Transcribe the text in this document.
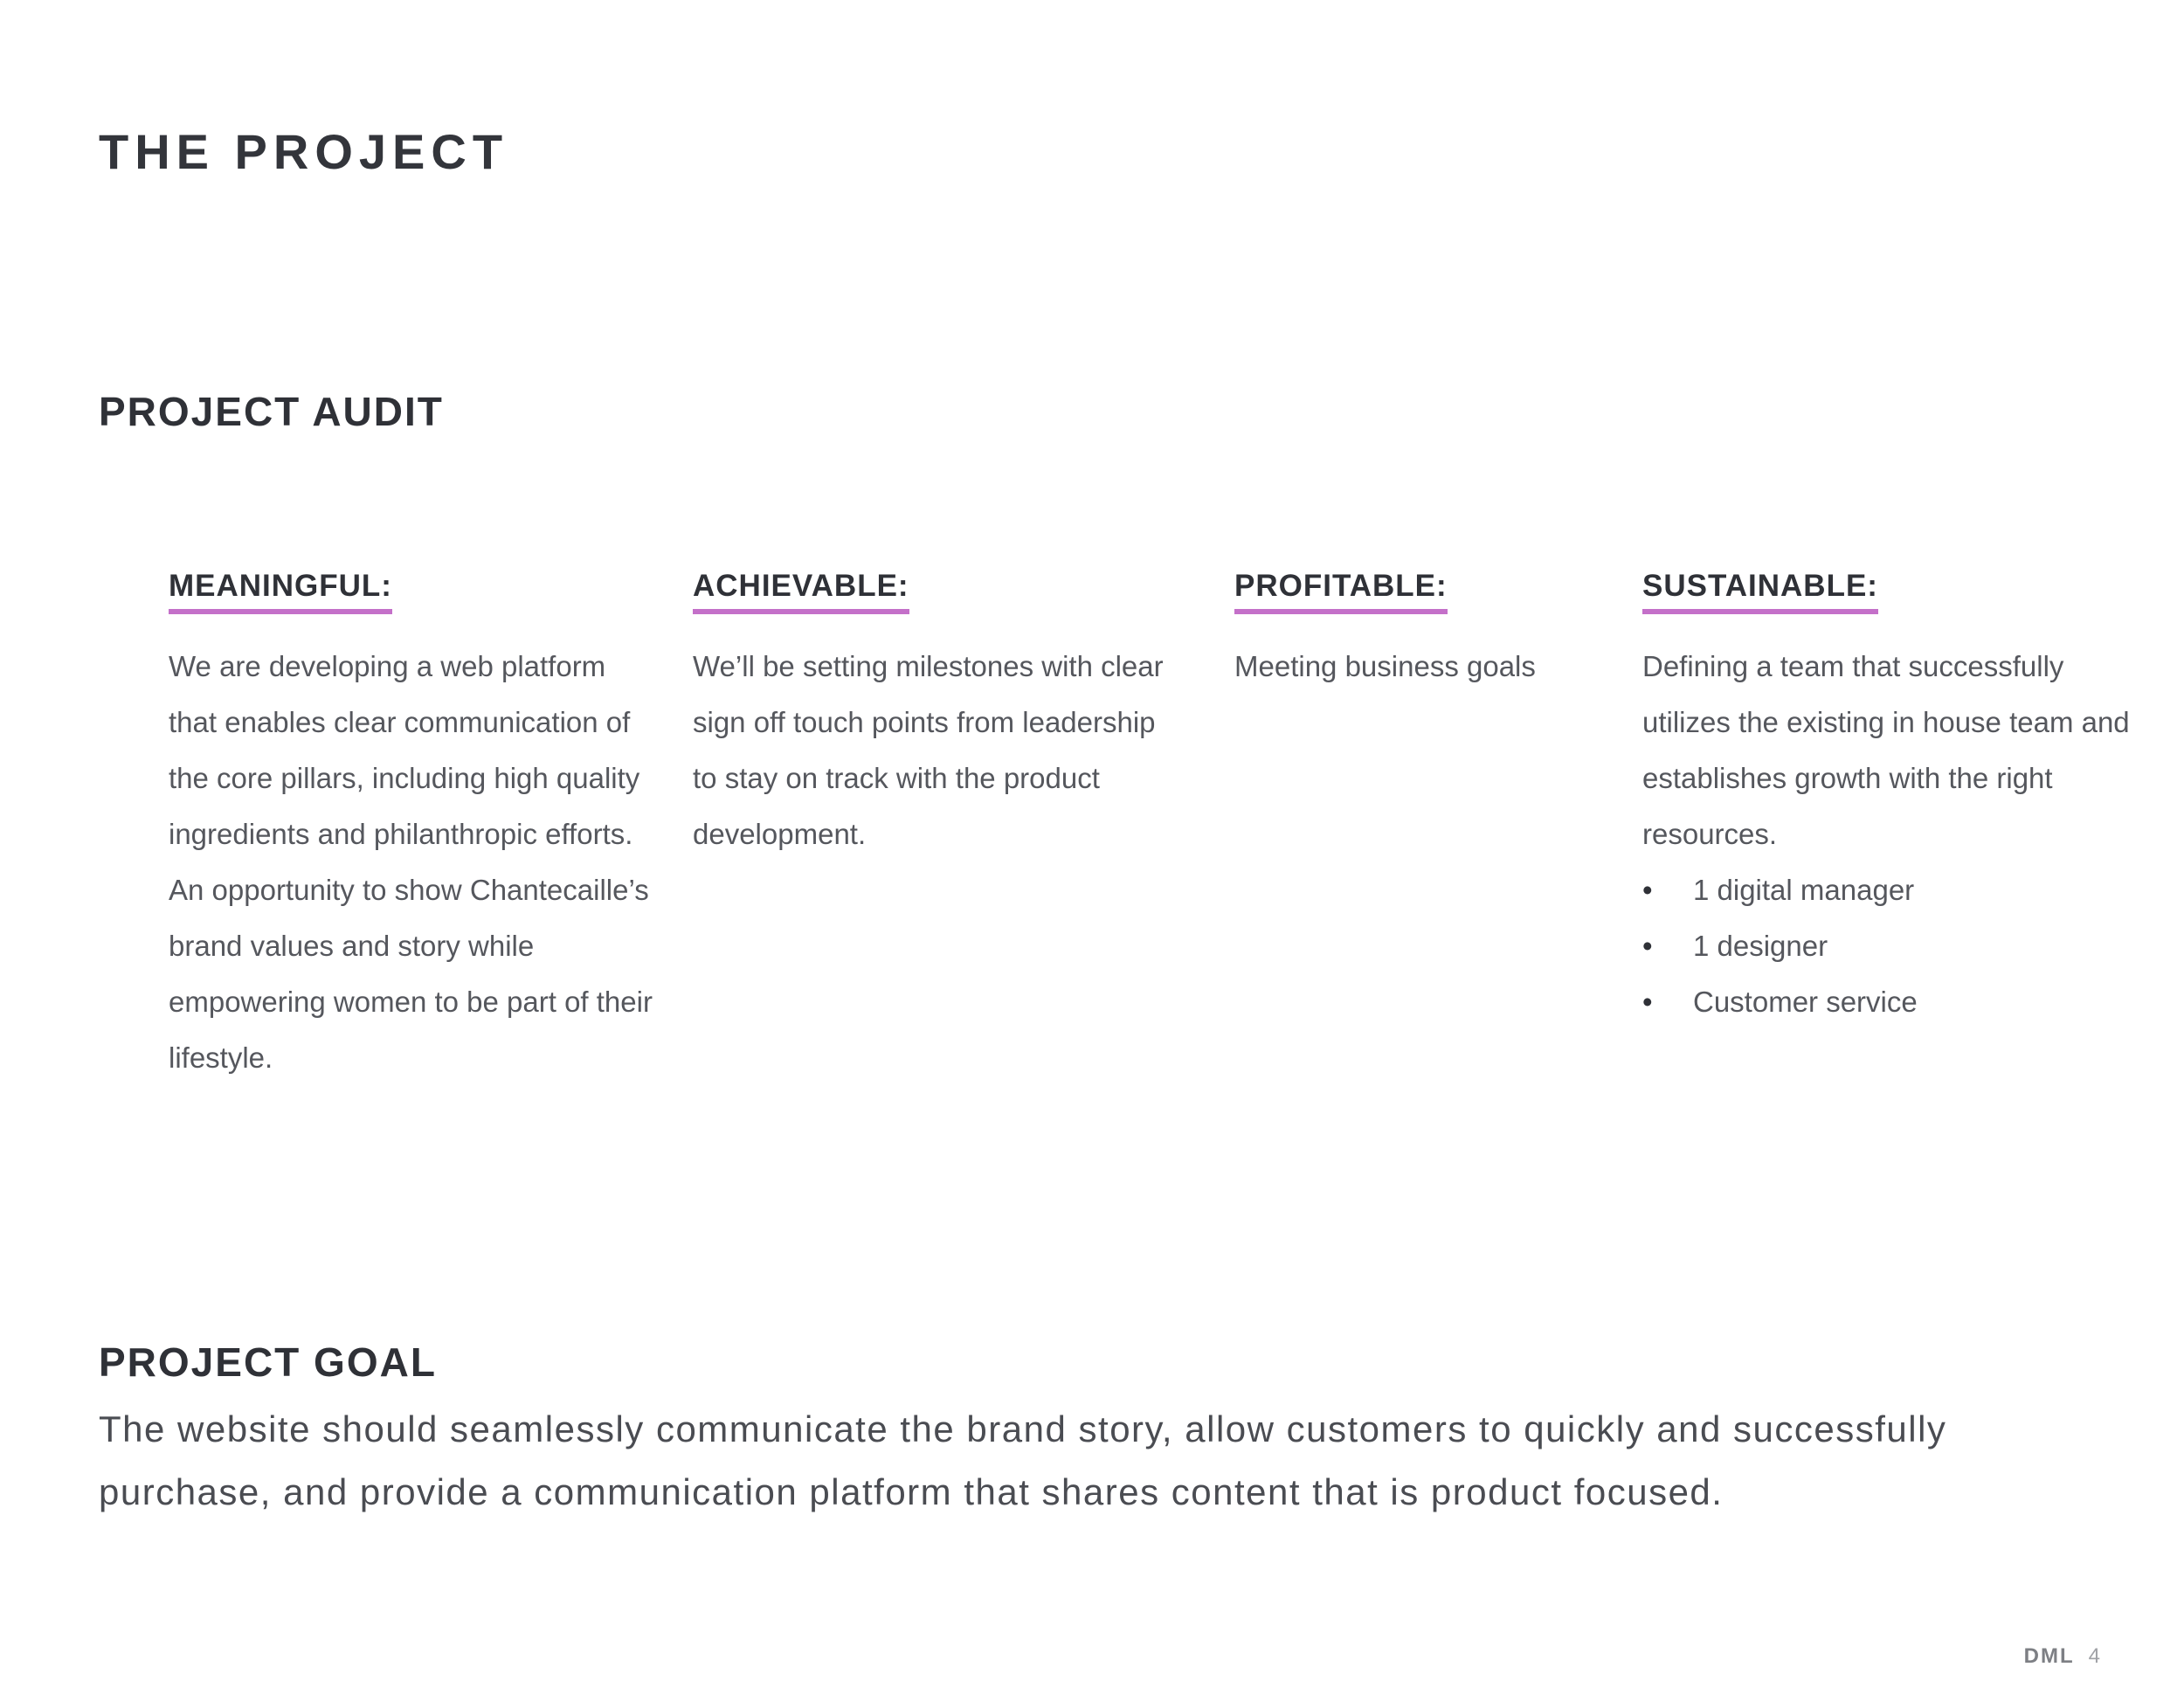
THE PROJECT
PROJECT AUDIT
MEANINGFUL:

We are developing a web platform that enables clear communication of the core pillars, including high quality ingredients and philanthropic efforts. An opportunity to show Chantecaille’s brand values and story while empowering women to be part of their lifestyle.

ACHIEVABLE:

We’ll be setting milestones with clear sign off touch points from leadership to stay on track with the product development.

PROFITABLE:

Meeting business goals

SUSTAINABLE:

Defining a team that successfully utilizes the existing in house team and establishes growth with the right resources.

• 1 digital manager
• 1 designer
• Customer service
PROJECT GOAL

The website should seamlessly communicate the brand story, allow customers to quickly and successfully purchase, and provide a communication platform that shares content that is product focused.

DML 4
